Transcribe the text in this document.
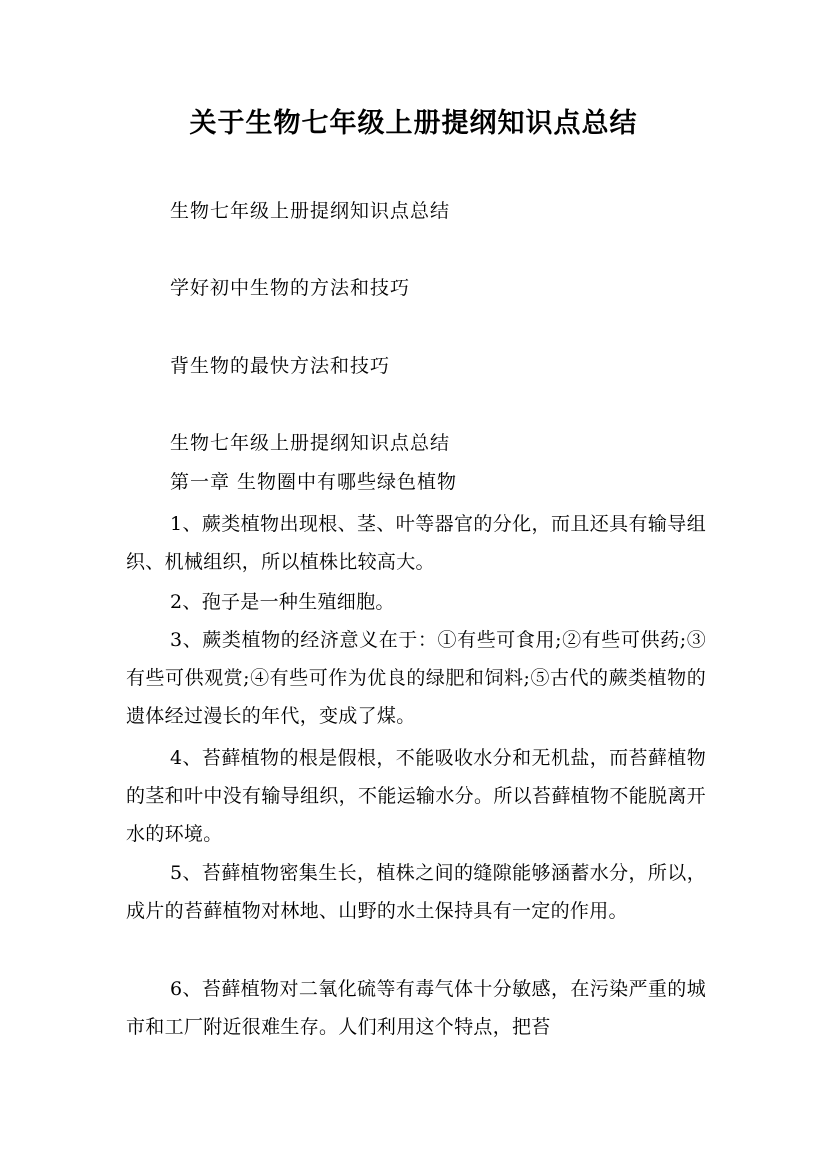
关于生物七年级上册提纲知识点总结

生物七年级上册提纲知识点总结

学好初中生物的方法和技巧

背生物的最快方法和技巧

生物七年级上册提纲知识点总结

第一章 生物圈中有哪些绿色植物

1、蕨类植物出现根、茎、叶等器官的分化，而且还具有输导组织、机械组织，所以植株比较高大。

2、孢子是一种生殖细胞。

3、蕨类植物的经济意义在于：①有些可食用;②有些可供药;③有些可供观赏;④有些可作为优良的绿肥和饲料;⑤古代的蕨类植物的遗体经过漫长的年代，变成了煤。

4、苔藓植物的根是假根，不能吸收水分和无机盐，而苔藓植物的茎和叶中没有输导组织，不能运输水分。所以苔藓植物不能脱离开水的环境。

5、苔藓植物密集生长，植株之间的缝隙能够涵蓄水分，所以，成片的苔藓植物对林地、山野的水土保持具有一定的作用。

6、苔藓植物对二氧化硫等有毒气体十分敏感，在污染严重的城市和工厂附近很难生存。人们利用这个特点，把苔
